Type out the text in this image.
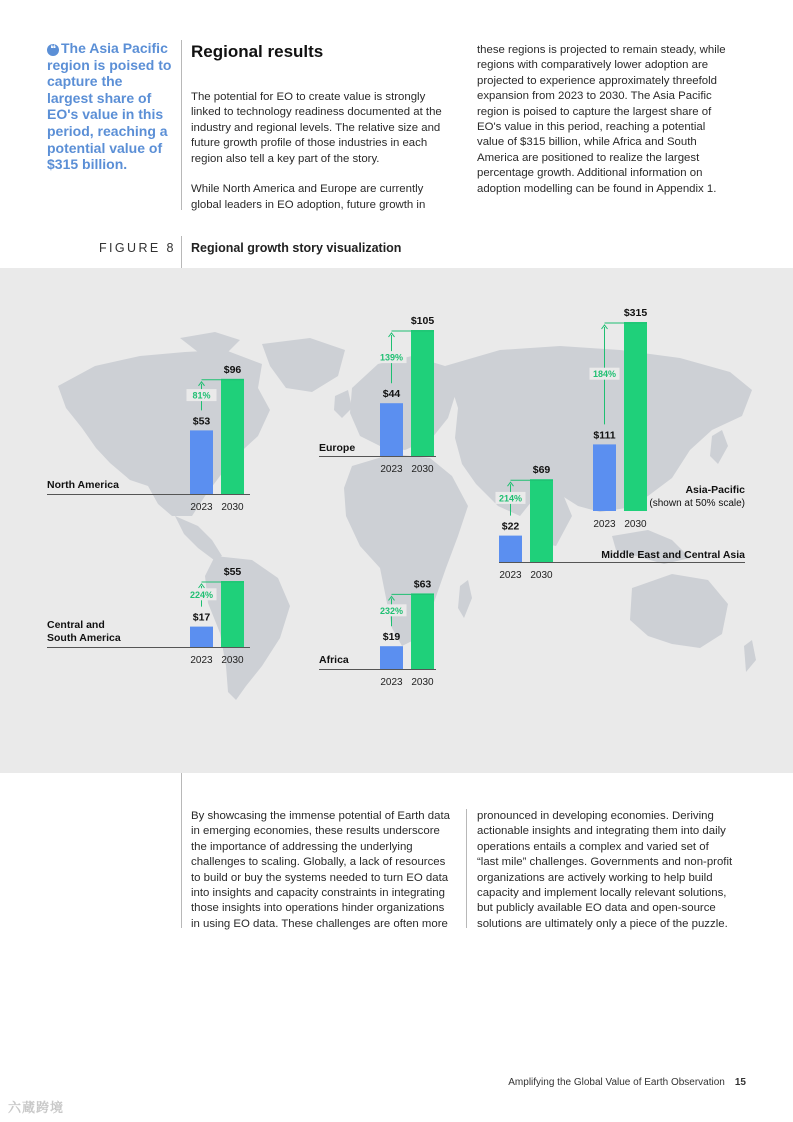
❝ The Asia Pacific region is poised to capture the largest share of EO's value in this period, reaching a potential value of $315 billion.
Regional results
The potential for EO to create value is strongly
linked to technology readiness documented at the
industry and regional levels. The relative size and
future growth profile of those industries in each
region also tell a key part of the story.
While North America and Europe are currently
global leaders in EO adoption, future growth in
these regions is projected to remain steady, while
regions with comparatively lower adoption are
projected to experience approximately threefold
expansion from 2023 to 2030. The Asia Pacific
region is poised to capture the largest share of
EO's value in this period, reaching a potential
value of $315 billion, while Africa and South
America are positioned to realize the largest
percentage growth. Additional information on
adoption modelling can be found in Appendix 1.
FIGURE 8 Regional growth story visualization
$53
$96
81%
2023 2030
North America
$44
$105
139%
2023 2030
Europe
$111
$315
184%
2023 2030
Asia-Pacific
(shown at 50% scale)
$22
$69
214%
2023 2030
Middle East and Central Asia
$17
$55
224%
2023 2030
Central and
South America	$19
$63
232%
2023 2030
Africa
By showcasing the immense potential of Earth data
in emerging economies, these results underscore
the importance of addressing the underlying
challenges to scaling. Globally, a lack of resources
to build or buy the systems needed to turn EO data
into insights and capacity constraints in integrating
those insights into operations hinder organizations
in using EO data. These challenges are often more
pronounced in developing economies. Deriving
actionable insights and integrating them into daily
operations entails a complex and varied set of
“last mile” challenges. Governments and non-profit
organizations are actively working to help build
capacity and implement locally relevant solutions,
but publicly available EO data and open-source
solutions are ultimately only a piece of the puzzle.
Amplifying the Global Value of Earth Observation 15
六蔵跨境
